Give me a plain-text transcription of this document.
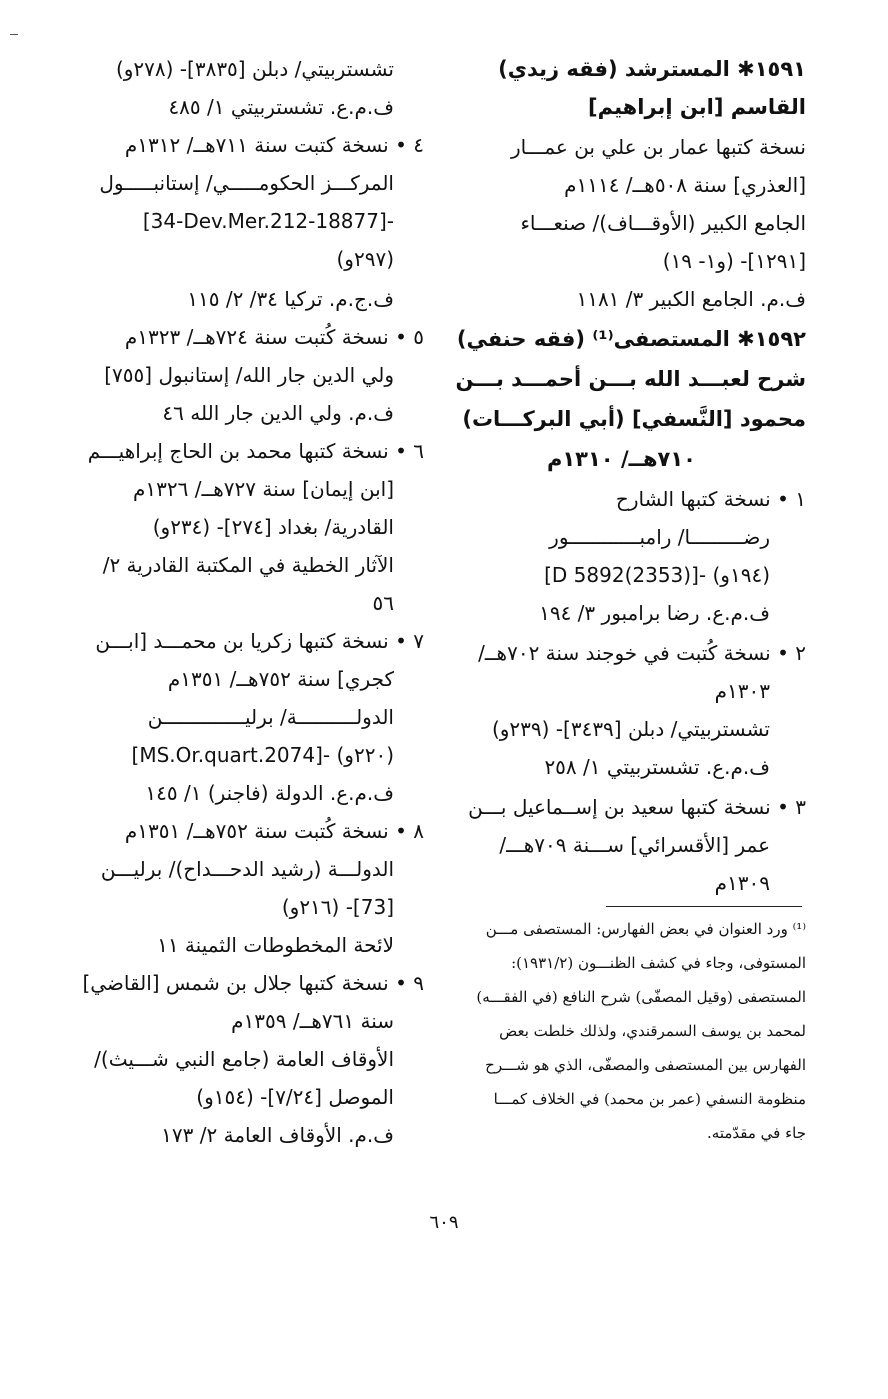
١٥٩١✱ المسترشد (فقه زيدي)
القاسم [ابن إبراهيم]
نسخة كتبها عمار بن علي بن عمـــار
[العذري] سنة ٥٠٨هــ/ ١١١٤م
الجامع الكبير (الأوقـــاف)/ صنعـــاء
[١٢٩١]- (و١- ١٩)
ف.م. الجامع الكبير ٣/ ١١٨١
١٥٩٢✱ المستصفى⁽¹⁾ (فقه حنفي)
شرح لعبـــد الله بـــن أحمـــد بـــن
محمود [النَّسفي] (أبي البركـــات)
٧١٠هــ/ ١٣١٠م
١ • نسخة كتبها الشارح
رضـــــــــا/ رامبــــــــــــور
[D 5892(2353)]- (١٩٤و)
ف.م.ع. رضا برامبور ٣/ ١٩٤
٢ • نسخة كُتبت في خوجند سنة ٧٠٢هــ/
١٣٠٣م
تشستربيتي/ دبلن [٣٤٣٩]- (٢٣٩و)
ف.م.ع. تشستربيتي ١/ ٢٥٨
٣ • نسخة كتبها سعيد بن إســماعيل بـــن
عمر [الأقسرائي] ســـنة ٧٠٩هـــ/
١٣٠٩م
⁽¹⁾ ورد العنوان في بعض الفهارس: المستصفى مـــن
المستوفى، وجاء في كشف الظنـــون (١٩٣١/٢):
المستصفى (وقيل المصفّى) شرح النافع (في الفقـــه)
لمحمد بن يوسف السمرقندي، ولذلك خلطت بعض
الفهارس بين المستصفى والمصفّى، الذي هو شـــرح
منظومة النسفي (عمر بن محمد) في الخلاف كمـــا
جاء في مقدّمته.
تشستربيتي/ دبلن [٣٨٣٥]- (٢٧٨و)
ف.م.ع. تشستربيتي ١/ ٤٨٥
٤ • نسخة كتبت سنة ٧١١هــ/ ١٣١٢م
المركـــز الحكومـــــي/ إستانبـــــول
[34-Dev.Mer.212-18877]-
(٢٩٧و)
ف.ج.م. تركيا ٣٤/ ٢/ ١١٥
٥ • نسخة كُتبت سنة ٧٢٤هــ/ ١٣٢٣م
ولي الدين جار الله/ إستانبول [٧٥٥]
ف.م. ولي الدين جار الله ٤٦
٦ • نسخة كتبها محمد بن الحاج إبراهيـــم
[ابن إيمان] سنة ٧٢٧هــ/ ١٣٢٦م
القادرية/ بغداد [٢٧٤]- (٢٣٤و)
الآثار الخطية في المكتبة القادرية ٢/
٥٦
٧ • نسخة كتبها زكريا بن محمـــد [ابـــن
كجري] سنة ٧٥٢هــ/ ١٣٥١م
الدولــــــــــة/ برليــــــــــــــن
[MS.Or.quart.2074]- (٢٢٠و)
ف.م.ع. الدولة (فاجنر) ١/ ١٤٥
٨ • نسخة كُتبت سنة ٧٥٢هــ/ ١٣٥١م
الدولـــة (رشيد الدحـــداح)/ برليـــن
[73]- (٢١٦و)
لائحة المخطوطات الثمينة ١١
٩ • نسخة كتبها جلال بن شمس [القاضي]
سنة ٧٦١هــ/ ١٣٥٩م
الأوقاف العامة (جامع النبي شـــيث)/
الموصل [٧/٢٤]- (١٥٤و)
ف.م. الأوقاف العامة ٢/ ١٧٣
٦٠٩
